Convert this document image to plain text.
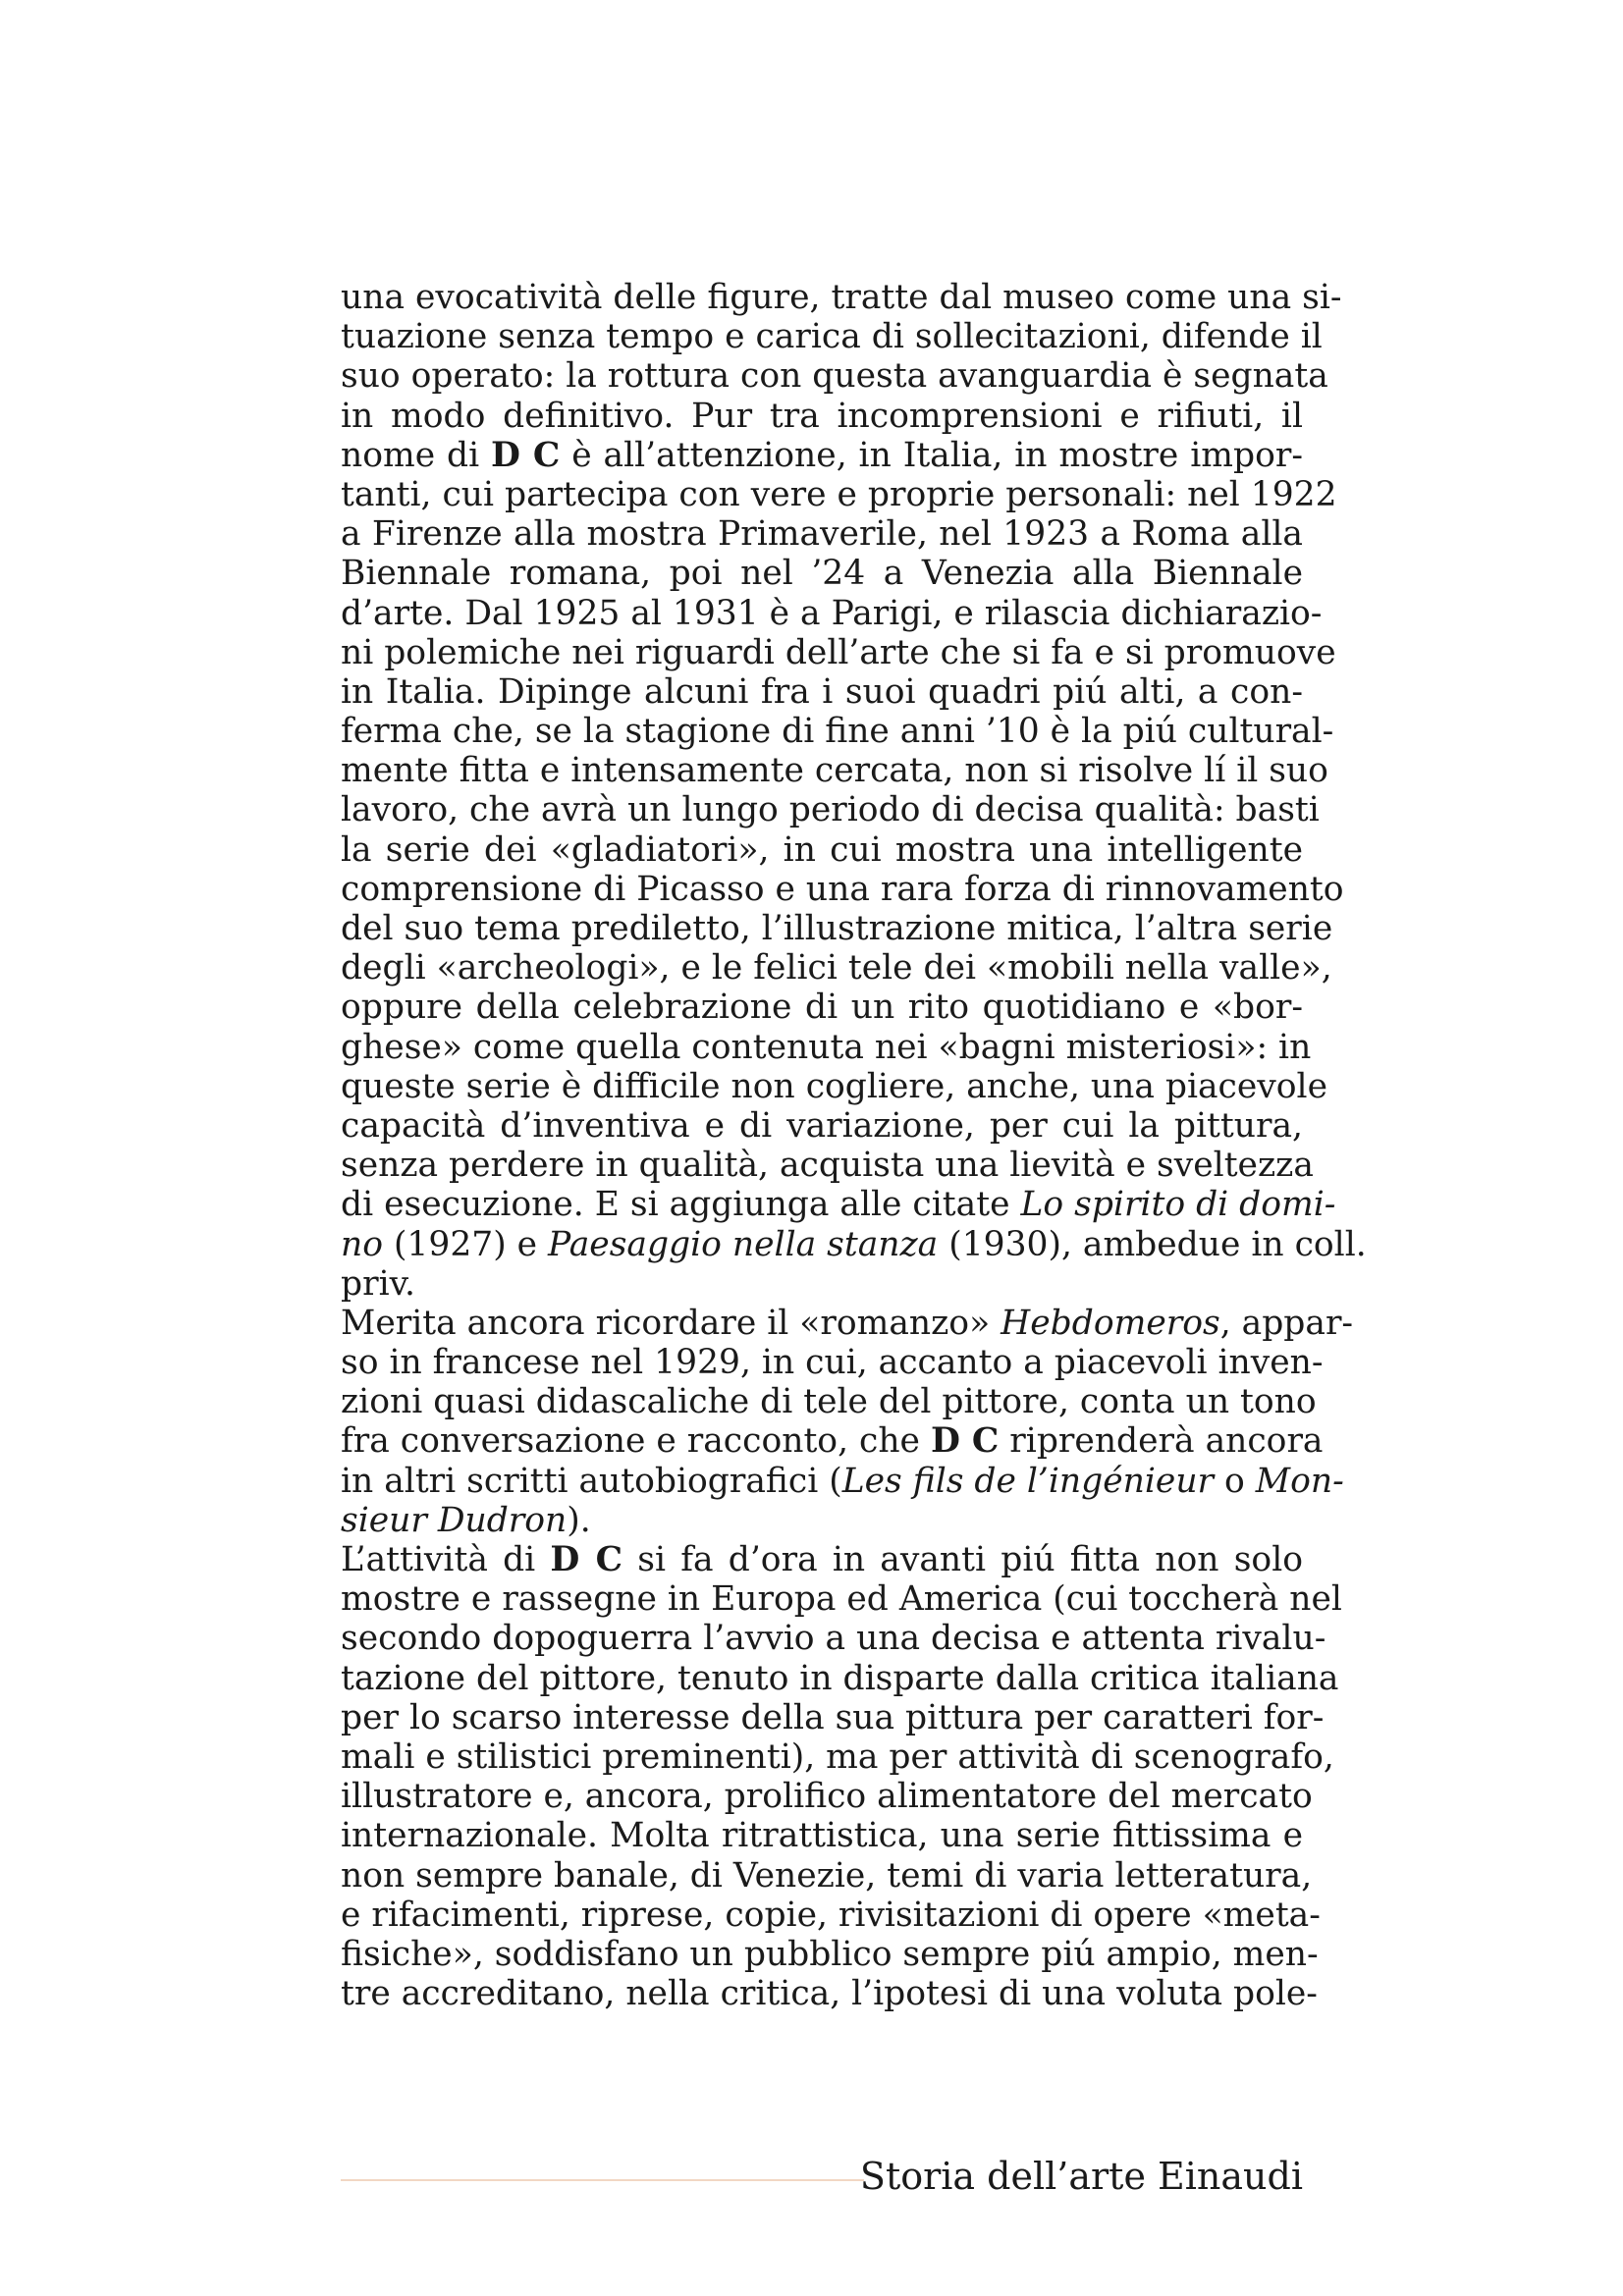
una evocatività delle figure, tratte dal museo come una si-
tuazione senza tempo e carica di sollecitazioni, difende il
suo operato: la rottura con questa avanguardia è segnata
in modo definitivo. Pur tra incomprensioni e rifiuti, il
nome di D C è all’attenzione, in Italia, in mostre impor-
tanti, cui partecipa con vere e proprie personali: nel 1922
a Firenze alla mostra Primaverile, nel 1923 a Roma alla
Biennale romana, poi nel ’24 a Venezia alla Biennale
d’arte. Dal 1925 al 1931 è a Parigi, e rilascia dichiarazio-
ni polemiche nei riguardi dell’arte che si fa e si promuove
in Italia. Dipinge alcuni fra i suoi quadri piú alti, a con-
ferma che, se la stagione di fine anni ’10 è la piú cultural-
mente fitta e intensamente cercata, non si risolve lí il suo
lavoro, che avrà un lungo periodo di decisa qualità: basti
la serie dei «gladiatori», in cui mostra una intelligente
comprensione di Picasso e una rara forza di rinnovamento
del suo tema prediletto, l’illustrazione mitica, l’altra serie
degli «archeologi», e le felici tele dei «mobili nella valle»,
oppure della celebrazione di un rito quotidiano e «bor-
ghese» come quella contenuta nei «bagni misteriosi»: in
queste serie è difficile non cogliere, anche, una piacevole
capacità d’inventiva e di variazione, per cui la pittura,
senza perdere in qualità, acquista una lievità e sveltezza
di esecuzione. E si aggiunga alle citate Lo spirito di domi-
no (1927) e Paesaggio nella stanza (1930), ambedue in coll.
priv.
Merita ancora ricordare il «romanzo» Hebdomeros, appar-
so in francese nel 1929, in cui, accanto a piacevoli inven-
zioni quasi didascaliche di tele del pittore, conta un tono
fra conversazione e racconto, che D C riprenderà ancora
in altri scritti autobiografici (Les fils de l’ingénieur o Mon-
sieur Dudron).
L’attività di D C si fa d’ora in avanti piú fitta non solo
mostre e rassegne in Europa ed America (cui toccherà nel
secondo dopoguerra l’avvio a una decisa e attenta rivalu-
tazione del pittore, tenuto in disparte dalla critica italiana
per lo scarso interesse della sua pittura per caratteri for-
mali e stilistici preminenti), ma per attività di scenografo,
illustratore e, ancora, prolifico alimentatore del mercato
internazionale. Molta ritrattistica, una serie fittissima e
non sempre banale, di Venezie, temi di varia letteratura,
e rifacimenti, riprese, copie, rivisitazioni di opere «meta-
fisiche», soddisfano un pubblico sempre piú ampio, men-
tre accreditano, nella critica, l’ipotesi di una voluta pole-
Storia dell’arte Einaudi
